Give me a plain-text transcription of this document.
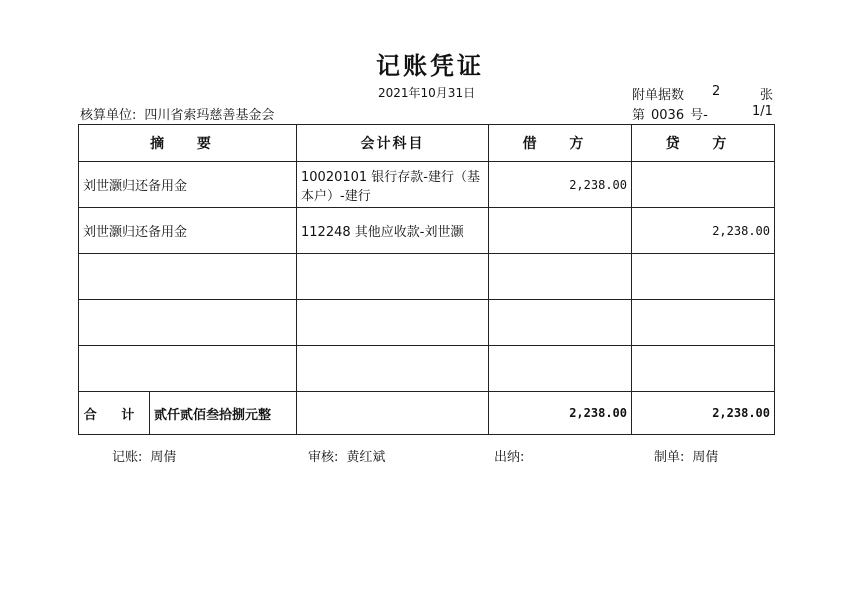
记账凭证
2021年10月31日	附单据数 2	张
核算单位: 四川省索玛慈善基金会	第 0036 号-	1/1
摘 要	会计科目	借 方	贷 方
刘世灏归还备用金	10020101 银行存款-建行（基本户）-建行	2,238.00	
刘世灏归还备用金	112248 其他应收款-刘世灏		2,238.00

合 计 贰仟贰佰叁拾捌元整		2,238.00	2,238.00
记账: 周倩	审核: 黄红斌	出纳:	制单: 周倩
